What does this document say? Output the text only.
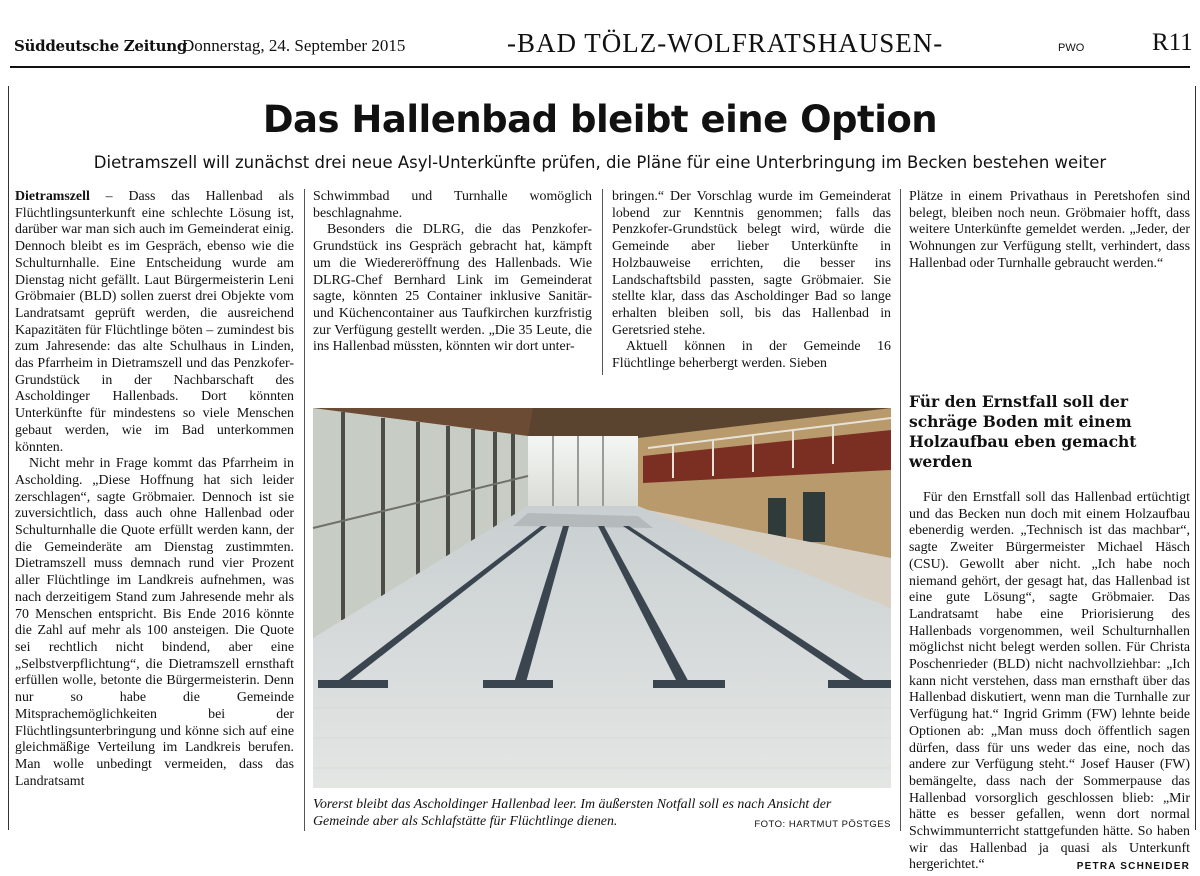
Süddeutsche Zeitung
Donnerstag, 24. September 2015	-BAD TÖLZ-WOLFRATSHAUSEN-	PWO	R11
Das Hallenbad bleibt eine Option
Dietramszell will zunächst drei neue Asyl-Unterkünfte prüfen, die Pläne für eine Unterbringung im Becken bestehen weiter

Dietramszell – Dass das Hallenbad als Flüchtlingsunterkunft eine schlechte Lösung ist, darüber war man sich auch im Gemeinderat einig. Dennoch bleibt es im Gespräch, ebenso wie die Schulturnhalle. Eine Entscheidung wurde am Dienstag nicht gefällt. Laut Bürgermeisterin Leni Gröbmaier (BLD) sollen zuerst drei Objekte vom Landratsamt geprüft werden, die ausreichend Kapazitäten für Flüchtlinge böten – zumindest bis zum Jahresende: das alte Schulhaus in Linden, das Pfarrheim in Dietramszell und das Penzkofer-Grundstück in der Nachbarschaft des Ascholdinger Hallenbads. Dort könnten Unterkünfte für mindestens so viele Menschen gebaut werden, wie im Bad unterkommen könnten.

Nicht mehr in Frage kommt das Pfarrheim in Ascholding. „Diese Hoffnung hat sich leider zerschlagen“, sagte Gröbmaier. Dennoch ist sie zuversichtlich, dass auch ohne Hallenbad oder Schulturnhalle die Quote erfüllt werden kann, der die Gemeinderäte am Dienstag zustimmten. Dietramszell muss demnach rund vier Prozent aller Flüchtlinge im Landkreis aufnehmen, was nach derzeitigem Stand zum Jahresende mehr als 70 Menschen entspricht. Bis Ende 2016 könnte die Zahl auf mehr als 100 ansteigen. Die Quote sei rechtlich nicht bindend, aber eine „Selbstverpflichtung“, die Dietramszell ernsthaft erfüllen wolle, betonte die Bürgermeisterin. Denn nur so habe die Gemeinde Mitsprachemöglichkeiten bei der Flüchtlingsunterbringung und könne sich auf eine gleichmäßige Verteilung im Landkreis berufen. Man wolle unbedingt vermeiden, dass das Landratsamt

Schwimmbad und Turnhalle womöglich beschlagnahme.

Besonders die DLRG, die das Penzkofer-Grundstück ins Gespräch gebracht hat, kämpft um die Wiedereröffnung des Hallenbads. Wie DLRG-Chef Bernhard Link im Gemeinderat sagte, könnten 25 Container inklusive Sanitär- und Küchencontainer aus Taufkirchen kurzfristig zur Verfügung gestellt werden. „Die 35 Leute, die ins Hallenbad müssten, könnten wir dort unter-

bringen.“ Der Vorschlag wurde im Gemeinderat lobend zur Kenntnis genommen; falls das Penzkofer-Grundstück belegt wird, würde die Gemeinde aber lieber Unterkünfte in Holzbauweise errichten, die besser ins Landschaftsbild passten, sagte Gröbmaier. Sie stellte klar, dass das Ascholdinger Bad so lange erhalten bleiben soll, bis das Hallenbad in Geretsried stehe.

Aktuell können in der Gemeinde 16 Flüchtlinge beherbergt werden. Sieben

Plätze in einem Privathaus in Peretshofen sind belegt, bleiben noch neun. Gröbmaier hofft, dass weitere Unterkünfte gemeldet werden. „Jeder, der Wohnungen zur Verfügung stellt, verhindert, dass Hallenbad oder Turnhalle gebraucht werden.“

Für den Ernstfall soll der schräge Boden mit einem Holzaufbau eben gemacht werden

Für den Ernstfall soll das Hallenbad ertüchtigt und das Becken nun doch mit einem Holzaufbau ebenerdig werden. „Technisch ist das machbar“, sagte Zweiter Bürgermeister Michael Häsch (CSU). Gewollt aber nicht. „Ich habe noch niemand gehört, der gesagt hat, das Hallenbad ist eine gute Lösung“, sagte Gröbmaier. Das Landratsamt habe eine Priorisierung des Hallenbads vorgenommen, weil Schulturnhallen möglichst nicht belegt werden sollen. Für Christa Poschenrieder (BLD) nicht nachvollziehbar: „Ich kann nicht verstehen, dass man ernsthaft über das Hallenbad diskutiert, wenn man die Turnhalle zur Verfügung hat.“ Ingrid Grimm (FW) lehnte beide Optionen ab: „Man muss doch öffentlich sagen dürfen, dass für uns weder das eine, noch das andere zur Verfügung steht.“ Josef Hauser (FW) bemängelte, dass nach der Sommerpause das Hallenbad vorsorglich geschlossen blieb: „Mir hätte es besser gefallen, wenn dort normal Schwimmunterricht stattgefunden hätte. So haben wir das Hallenbad ja quasi als Unterkunft hergerichtet.“	PETRA SCHNEIDER

Vorerst bleibt das Ascholdinger Hallenbad leer. Im äußersten Notfall soll es nach Ansicht der Gemeinde aber als Schlafstätte für Flüchtlinge dienen.	FOTO: HARTMUT PÖSTGES
